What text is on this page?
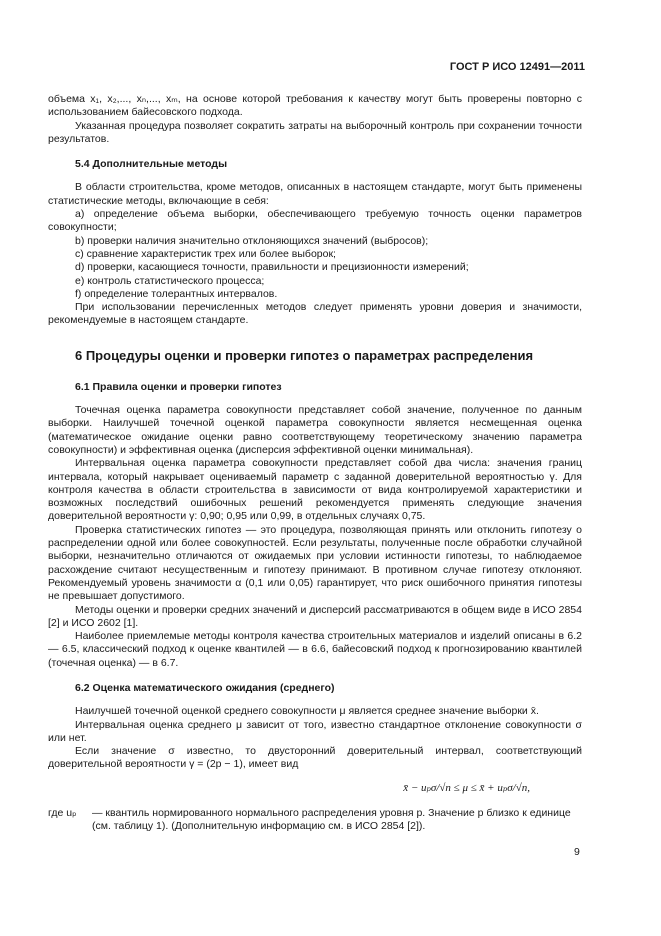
ГОСТ Р ИСО 12491—2011

объема x₁, x₂,..., xₙ,..., xₘ, на основе которой требования к качеству могут быть проверены повторно с использованием байесовского подхода.

Указанная процедура позволяет сократить затраты на выборочный контроль при сохранении точности результатов.

5.4 Дополнительные методы

В области строительства, кроме методов, описанных в настоящем стандарте, могут быть применены статистические методы, включающие в себя:

a) определение объема выборки, обеспечивающего требуемую точность оценки параметров совокупности;

b) проверки наличия значительно отклоняющихся значений (выбросов);

c) сравнение характеристик трех или более выборок;

d) проверки, касающиеся точности, правильности и прецизионности измерений;

e) контроль статистического процесса;

f) определение толерантных интервалов.

При использовании перечисленных методов следует применять уровни доверия и значимости, рекомендуемые в настоящем стандарте.

6 Процедуры оценки и проверки гипотез о параметрах распределения
6.1 Правила оценки и проверки гипотез

Точечная оценка параметра совокупности представляет собой значение, полученное по данным выборки. Наилучшей точечной оценкой параметра совокупности является несмещенная оценка (математическое ожидание оценки равно соответствующему теоретическому значению параметра совокупности) и эффективная оценка (дисперсия эффективной оценки минимальная).

Интервальная оценка параметра совокупности представляет собой два числа: значения границ интервала, который накрывает оцениваемый параметр с заданной доверительной вероятностью γ. Для контроля качества в области строительства в зависимости от вида контролируемой характеристики и возможных последствий ошибочных решений рекомендуется применять следующие значения доверительной вероятности γ: 0,90; 0,95 или 0,99, в отдельных случаях 0,75.

Проверка статистических гипотез — это процедура, позволяющая принять или отклонить гипотезу о распределении одной или более совокупностей. Если результаты, полученные после обработки случайной выборки, незначительно отличаются от ожидаемых при условии истинности гипотезы, то наблюдаемое расхождение считают несущественным и гипотезу принимают. В противном случае гипотезу отклоняют. Рекомендуемый уровень значимости α (0,1 или 0,05) гарантирует, что риск ошибочного принятия гипотезы не превышает допустимого.

Методы оценки и проверки средних значений и дисперсий рассматриваются в общем виде в ИСО 2854 [2] и ИСО 2602 [1].

Наиболее приемлемые методы контроля качества строительных материалов и изделий описаны в 6.2 — 6.5, классический подход к оценке квантилей — в 6.6, байесовский подход к прогнозированию квантилей (точечная оценка) — в 6.7.

6.2 Оценка математического ожидания (среднего)

Наилучшей точечной оценкой среднего совокупности μ является среднее значение выборки x̄.

Интервальная оценка среднего μ зависит от того, известно стандартное отклонение совокупности σ или нет.

Если значение σ известно, то двусторонний доверительный интервал, соответствующий доверительной вероятности γ = (2p − 1), имеет вид

x̄ − uₚσ/√n ≤ μ ≤ x̄ + uₚσ/√n,
где uₚ	— квантиль нормированного нормального распределения уровня p. Значение p близко к единице
(см. таблицу 1). (Дополнительную информацию см. в ИСО 2854 [2]).
9
